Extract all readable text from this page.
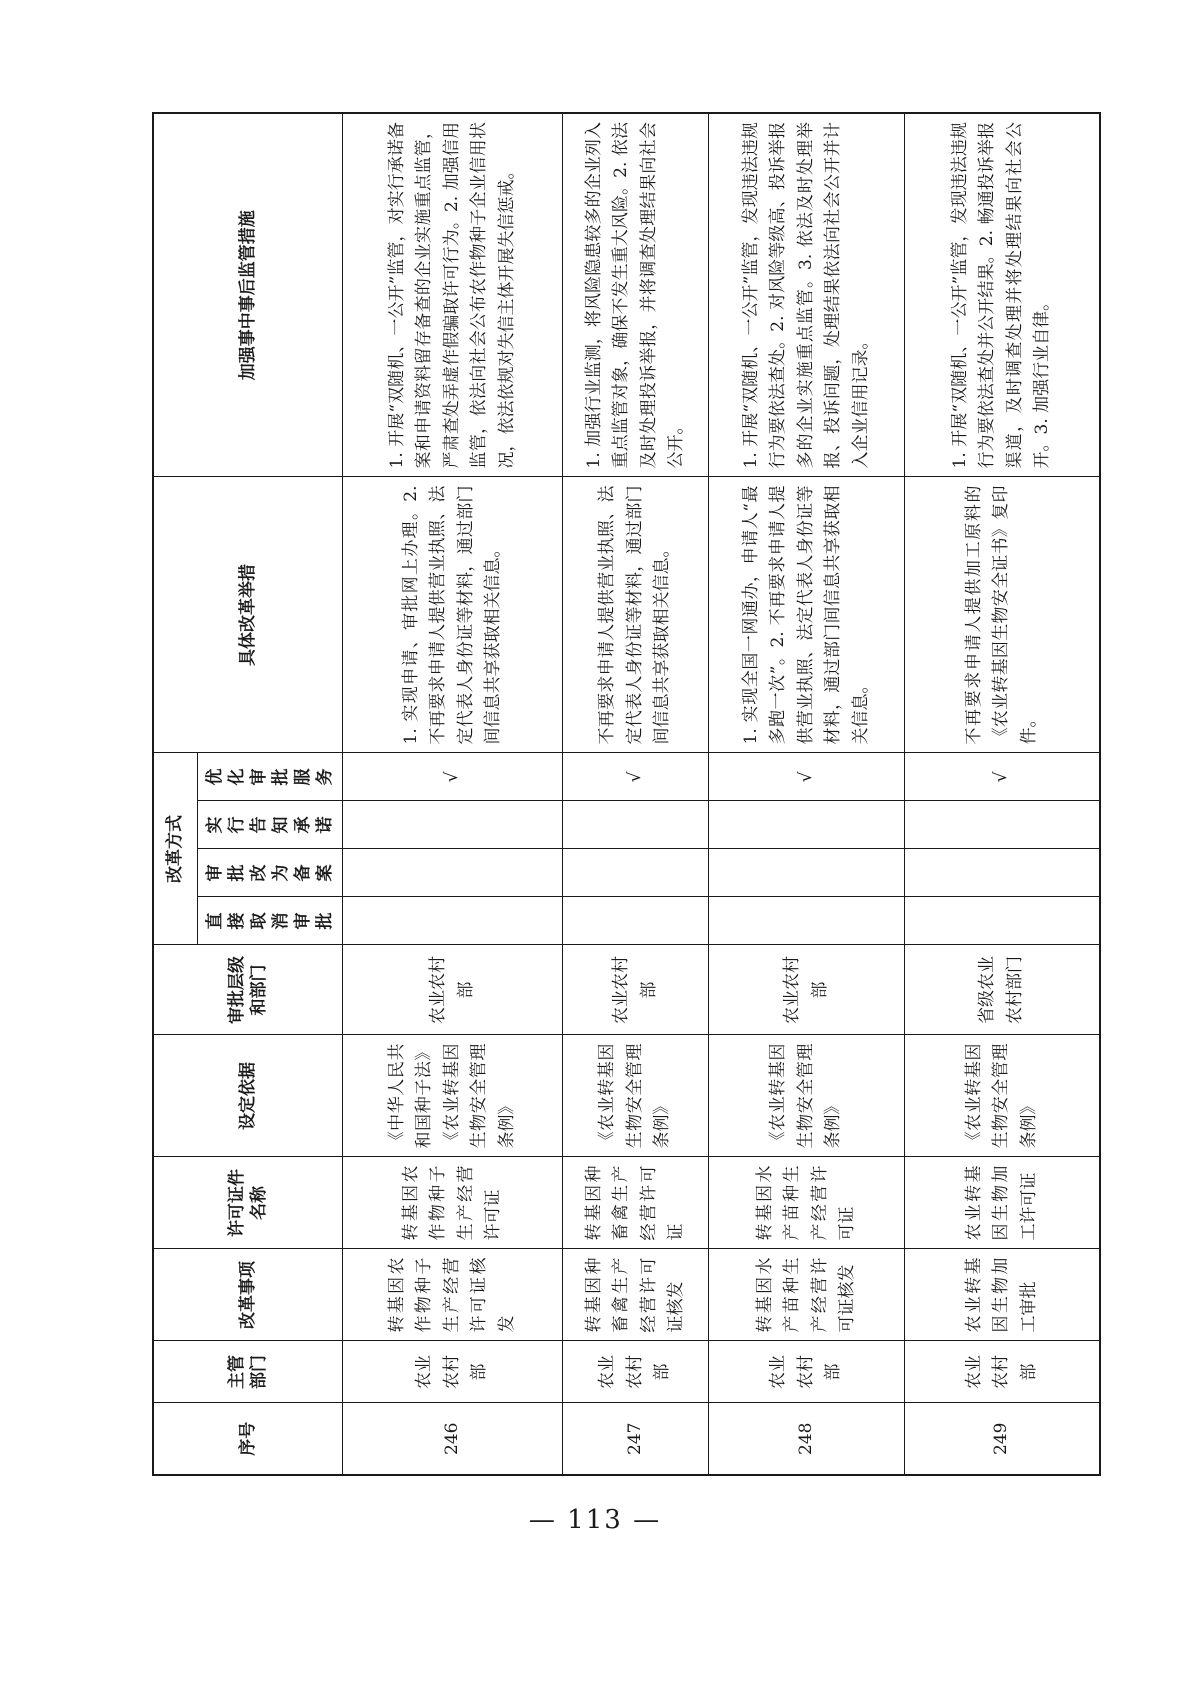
序号	主管部门	改革事项	许可证件名称	设定依据	审批层级和部门	改革方式				具体改革举措	加强事中事后监管措施
						直接取消审批	审批改为备案	实行告知承诺	优化审批服务		
246	农业农村部	转基因农作物种子生产经营许可证核发	转基因农作物种子生产经营许可证	《中华人民共和国种子法》《农业转基因生物安全管理条例》	农业农村部				√	1. 实现申请、审批网上办理。2. 不再要求申请人提供营业执照、法定代表人身份证等材料，通过部门间信息共享获取相关信息。	1. 开展“双随机、一公开”监管，对实行承诺备案和申请资料留存备查的企业实施重点监管，严肃查处弄虚作假骗取许可行为。2. 加强信用监管，依法向社会公布农作物种子企业信用状况，依法依规对失信主体开展失信惩戒。
247	农业农村部	转基因种畜禽生产经营许可证核发	转基因种畜禽生产经营许可证	《农业转基因生物安全管理条例》	农业农村部				√	不再要求申请人提供营业执照、法定代表人身份证等材料，通过部门间信息共享获取相关信息。	1. 加强行业监测，将风险隐患较多的企业列入重点监管对象，确保不发生重大风险。2. 依法及时处理投诉举报，并将调查处理结果向社会公开。
248	农业农村部	转基因水产苗种生产经营许可证核发	转基因水产苗种生产经营许可证	《农业转基因生物安全管理条例》	农业农村部				√	1. 实现全国一网通办，申请人“最多跑一次”。2. 不再要求申请人提供营业执照、法定代表人身份证等材料，通过部门间信息共享获取相关信息。	1. 开展“双随机、一公开”监管，发现违法违规行为要依法查处。2. 对风险等级高、投诉举报多的企业实施重点监管。3. 依法及时处理举报、投诉问题，处理结果依法向社会公开并计入企业信用记录。
249	农业农村部	农业转基因生物加工审批	农业转基因生物加工许可证	《农业转基因生物安全管理条例》	省级农业农村部门				√	不再要求申请人提供加工原料的《农业转基因生物安全证书》复印件。	1. 开展“双随机、一公开”监管，发现违法违规行为要依法查处并公开结果。2. 畅通投诉举报渠道，及时调查处理并将处理结果向社会公开。3. 加强行业自律。
— 113 —
